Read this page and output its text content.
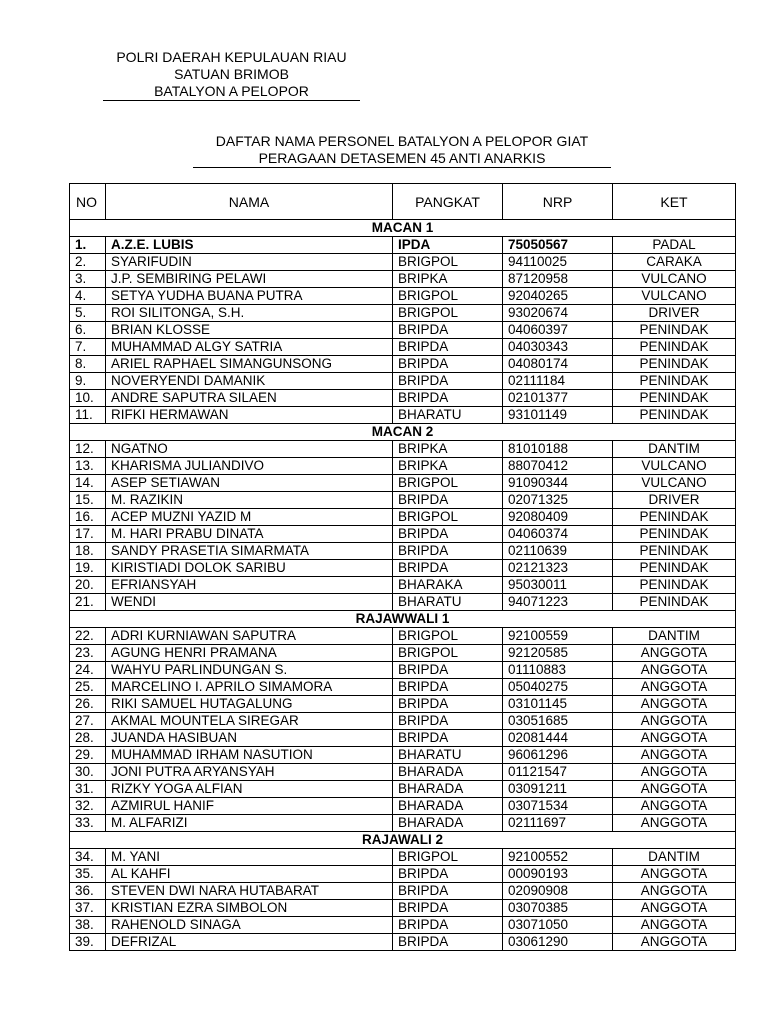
POLRI DAERAH KEPULAUAN RIAU
SATUAN BRIMOB
BATALYON A PELOPOR
DAFTAR NAMA PERSONEL BATALYON A PELOPOR GIAT
PERAGAAN DETASEMEN 45 ANTI ANARKIS
NO	NAMA	PANGKAT	NRP	KET
MACAN 1				
1.	A.Z.E. LUBIS	IPDA	75050567	PADAL
2.	SYARIFUDIN	BRIGPOL	94110025	CARAKA
3.	J.P. SEMBIRING PELAWI	BRIPKA	87120958	VULCANO
4.	SETYA YUDHA BUANA PUTRA	BRIGPOL	92040265	VULCANO
5.	ROI SILITONGA, S.H.	BRIGPOL	93020674	DRIVER
6.	BRIAN KLOSSE	BRIPDA	04060397	PENINDAK
7.	MUHAMMAD ALGY SATRIA	BRIPDA	04030343	PENINDAK
8.	ARIEL RAPHAEL SIMANGUNSONG	BRIPDA	04080174	PENINDAK
9.	NOVERYENDI DAMANIK	BRIPDA	02111184	PENINDAK
10.	ANDRE SAPUTRA SILAEN	BRIPDA	02101377	PENINDAK
11.	RIFKI HERMAWAN	BHARATU	93101149	PENINDAK
MACAN 2				
12.	NGATNO	BRIPKA	81010188	DANTIM
13.	KHARISMA JULIANDIVO	BRIPKA	88070412	VULCANO
14.	ASEP SETIAWAN	BRIGPOL	91090344	VULCANO
15.	M. RAZIKIN	BRIPDA	02071325	DRIVER
16.	ACEP MUZNI YAZID M	BRIGPOL	92080409	PENINDAK
17.	M. HARI PRABU DINATA	BRIPDA	04060374	PENINDAK
18.	SANDY PRASETIA SIMARMATA	BRIPDA	02110639	PENINDAK
19.	KIRISTIADI DOLOK SARIBU	BRIPDA	02121323	PENINDAK
20.	EFRIANSYAH	BHARAKA	95030011	PENINDAK
21.	WENDI	BHARATU	94071223	PENINDAK
RAJAWWALI 1				
22.	ADRI KURNIAWAN SAPUTRA	BRIGPOL	92100559	DANTIM
23.	AGUNG HENRI PRAMANA	BRIGPOL	92120585	ANGGOTA
24.	WAHYU PARLINDUNGAN S.	BRIPDA	01110883	ANGGOTA
25.	MARCELINO I. APRILO SIMAMORA	BRIPDA	05040275	ANGGOTA
26.	RIKI SAMUEL HUTAGALUNG	BRIPDA	03101145	ANGGOTA
27.	AKMAL MOUNTELA SIREGAR	BRIPDA	03051685	ANGGOTA
28.	JUANDA HASIBUAN	BRIPDA	02081444	ANGGOTA
29.	MUHAMMAD IRHAM NASUTION	BHARATU	96061296	ANGGOTA
30.	JONI PUTRA ARYANSYAH	BHARADA	01121547	ANGGOTA
31.	RIZKY YOGA ALFIAN	BHARADA	03091211	ANGGOTA
32.	AZMIRUL HANIF	BHARADA	03071534	ANGGOTA
33.	M. ALFARIZI	BHARADA	02111697	ANGGOTA
RAJAWALI 2				
34.	M. YANI	BRIGPOL	92100552	DANTIM
35.	AL KAHFI	BRIPDA	00090193	ANGGOTA
36.	STEVEN DWI NARA HUTABARAT	BRIPDA	02090908	ANGGOTA
37.	KRISTIAN EZRA SIMBOLON	BRIPDA	03070385	ANGGOTA
38.	RAHENOLD SINAGA	BRIPDA	03071050	ANGGOTA
39.	DEFRIZAL	BRIPDA	03061290	ANGGOTA
